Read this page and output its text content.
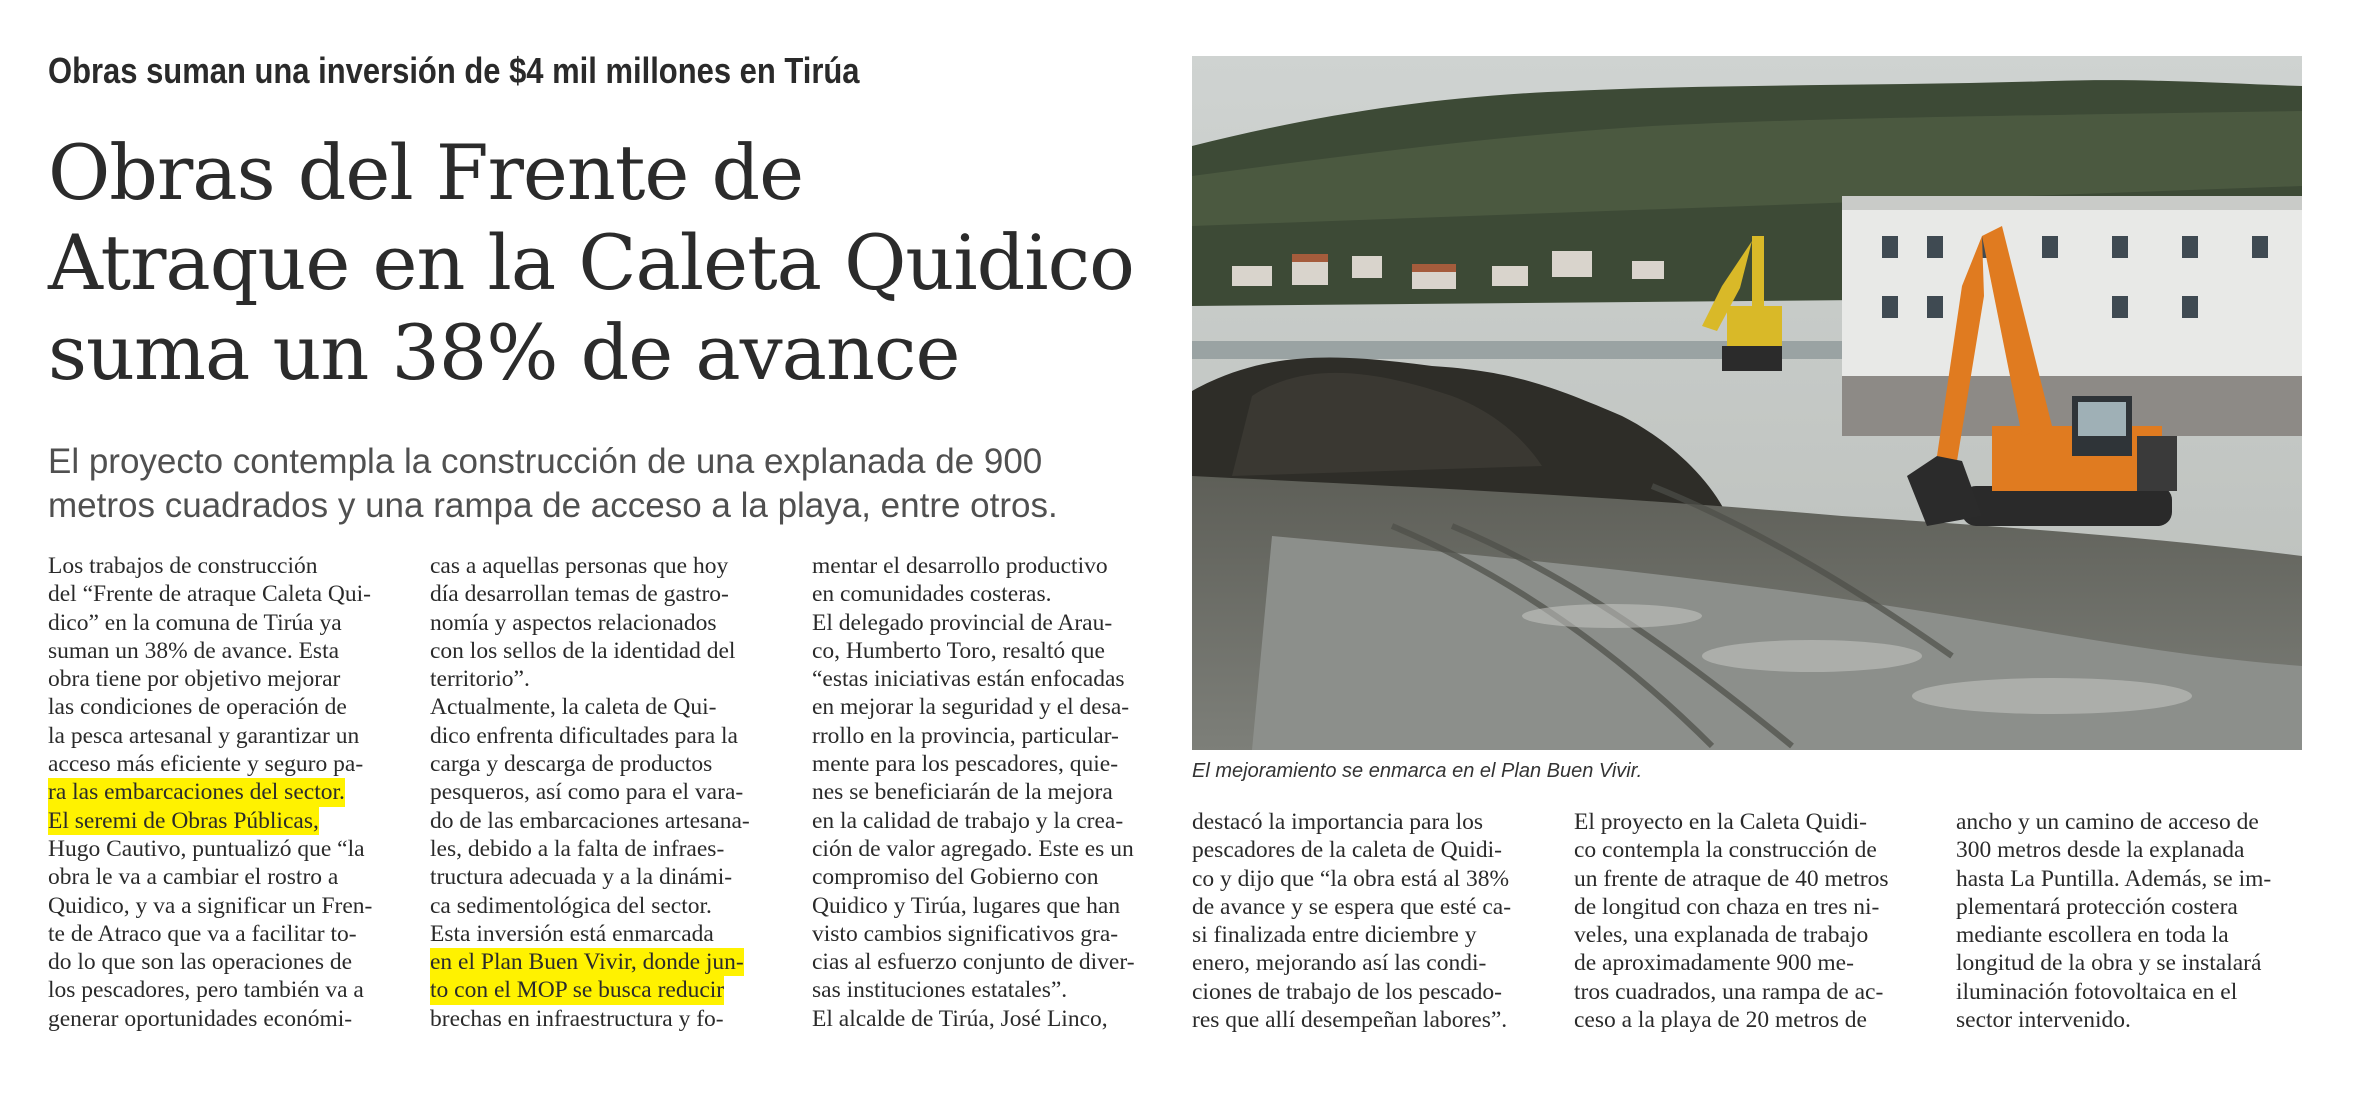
Obras suman una inversión de $4 mil millones en Tirúa
Obras del Frente de
Atraque en la Caleta Quidico
suma un 38% de avance
El proyecto contempla la construcción de una explanada de 900
metros cuadrados y una rampa de acceso a la playa, entre otros.

Los trabajos de construcción

del “Frente de atraque Caleta Qui-

dico” en la comuna de Tirúa ya

suman un 38% de avance. Esta

obra tiene por objetivo mejorar

las condiciones de operación de

la pesca artesanal y garantizar un

acceso más eficiente y seguro pa-

ra las embarcaciones del sector.

El seremi de Obras Públicas,

Hugo Cautivo, puntualizó que “la

obra le va a cambiar el rostro a

Quidico, y va a significar un Fren-

te de Atraco que va a facilitar to-

do lo que son las operaciones de

los pescadores, pero también va a

generar oportunidades económi-

cas a aquellas personas que hoy

día desarrollan temas de gastro-

nomía y aspectos relacionados

con los sellos de la identidad del

territorio”.

Actualmente, la caleta de Qui-

dico enfrenta dificultades para la

carga y descarga de productos

pesqueros, así como para el vara-

do de las embarcaciones artesana-

les, debido a la falta de infraes-

tructura adecuada y a la dinámi-

ca sedimentológica del sector.

Esta inversión está enmarcada

en el Plan Buen Vivir, donde jun-

to con el MOP se busca reducir

brechas en infraestructura y fo-

mentar el desarrollo productivo

en comunidades costeras.

El delegado provincial de Arau-

co, Humberto Toro, resaltó que

“estas iniciativas están enfocadas

en mejorar la seguridad y el desa-

rrollo en la provincia, particular-

mente para los pescadores, quie-

nes se beneficiarán de la mejora

en la calidad de trabajo y la crea-

ción de valor agregado. Este es un

compromiso del Gobierno con

Quidico y Tirúa, lugares que han

visto cambios significativos gra-

cias al esfuerzo conjunto de diver-

sas instituciones estatales”.

El alcalde de Tirúa, José Linco,

El mejoramiento se enmarca en el Plan Buen Vivir.

destacó la importancia para los

pescadores de la caleta de Quidi-

co y dijo que “la obra está al 38%

de avance y se espera que esté ca-

si finalizada entre diciembre y

enero, mejorando así las condi-

ciones de trabajo de los pescado-

res que allí desempeñan labores”.

El proyecto en la Caleta Quidi-

co contempla la construcción de

un frente de atraque de 40 metros

de longitud con chaza en tres ni-

veles, una explanada de trabajo

de aproximadamente 900 me-

tros cuadrados, una rampa de ac-

ceso a la playa de 20 metros de

ancho y un camino de acceso de

300 metros desde la explanada

hasta La Puntilla. Además, se im-

plementará protección costera

mediante escollera en toda la

longitud de la obra y se instalará

iluminación fotovoltaica en el

sector intervenido.
